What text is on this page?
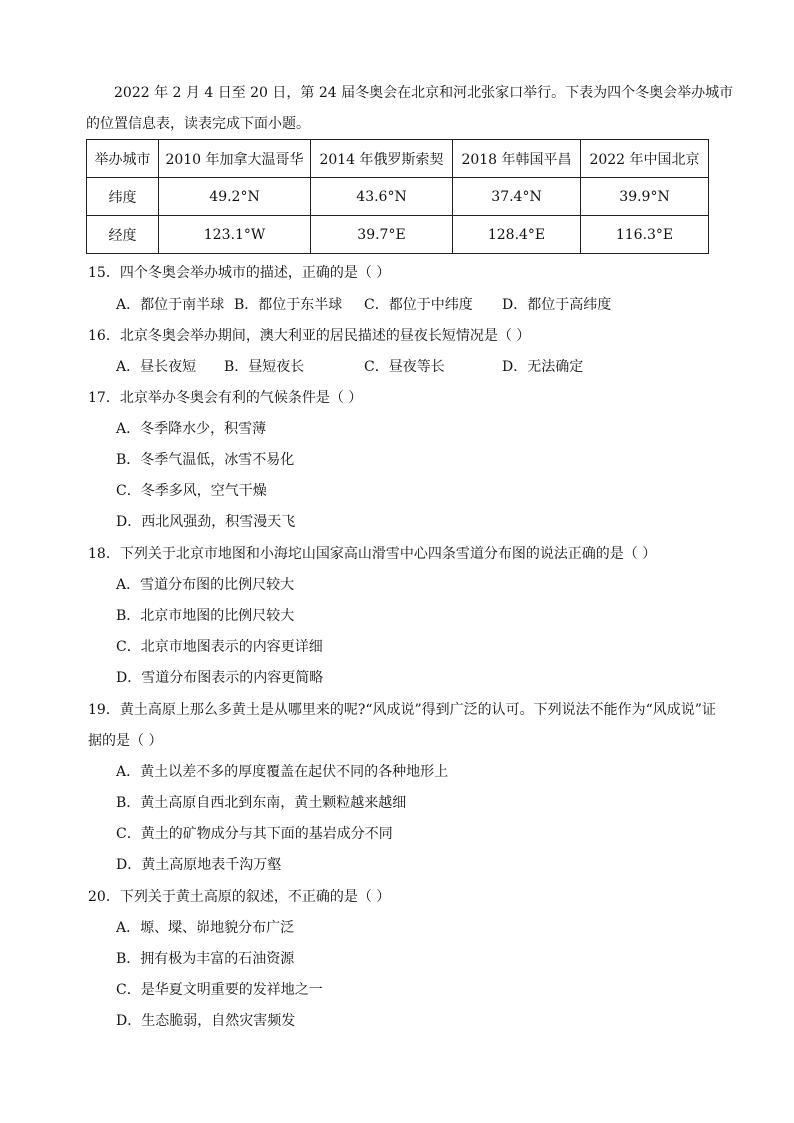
2022 年 2 月 4 日至 20 日，第 24 届冬奥会在北京和河北张家口举行。下表为四个冬奥会举办城市
的位置信息表，读表完成下面小题。
举办城市	2010 年加拿大温哥华	2014 年俄罗斯索契	2018 年韩国平昌	2022 年中国北京
纬度	49.2°N	43.6°N	37.4°N	39.9°N
经度	123.1°W	39.7°E	128.4°E	116.3°E
15．四个冬奥会举办城市的描述，正确的是（ ）
A．都位于南半球 B．都位于东半球 C．都位于中纬度 D．都位于高纬度
16．北京冬奥会举办期间，澳大利亚的居民描述的昼夜长短情况是（ ）
A．昼长夜短 B．昼短夜长	C．昼夜等长	D．无法确定
17．北京举办冬奥会有利的气候条件是（ ）
A．冬季降水少，积雪薄
B．冬季气温低，冰雪不易化
C．冬季多风，空气干燥
D．西北风强劲，积雪漫天飞
18．下列关于北京市地图和小海坨山国家高山滑雪中心四条雪道分布图的说法正确的是（ ）
A．雪道分布图的比例尺较大
B．北京市地图的比例尺较大
C．北京市地图表示的内容更详细
D．雪道分布图表示的内容更简略
19．黄土高原上那么多黄土是从哪里来的呢?“风成说”得到广泛的认可。下列说法不能作为“风成说”证
据的是（ ）
A．黄土以差不多的厚度覆盖在起伏不同的各种地形上
B．黄土高原自西北到东南，黄土颗粒越来越细
C．黄土的矿物成分与其下面的基岩成分不同
D．黄土高原地表千沟万壑
20．下列关于黄土高原的叙述，不正确的是（ ）
A．塬、墚、峁地貌分布广泛
B．拥有极为丰富的石油资源
C．是华夏文明重要的发祥地之一
D．生态脆弱，自然灾害频发
